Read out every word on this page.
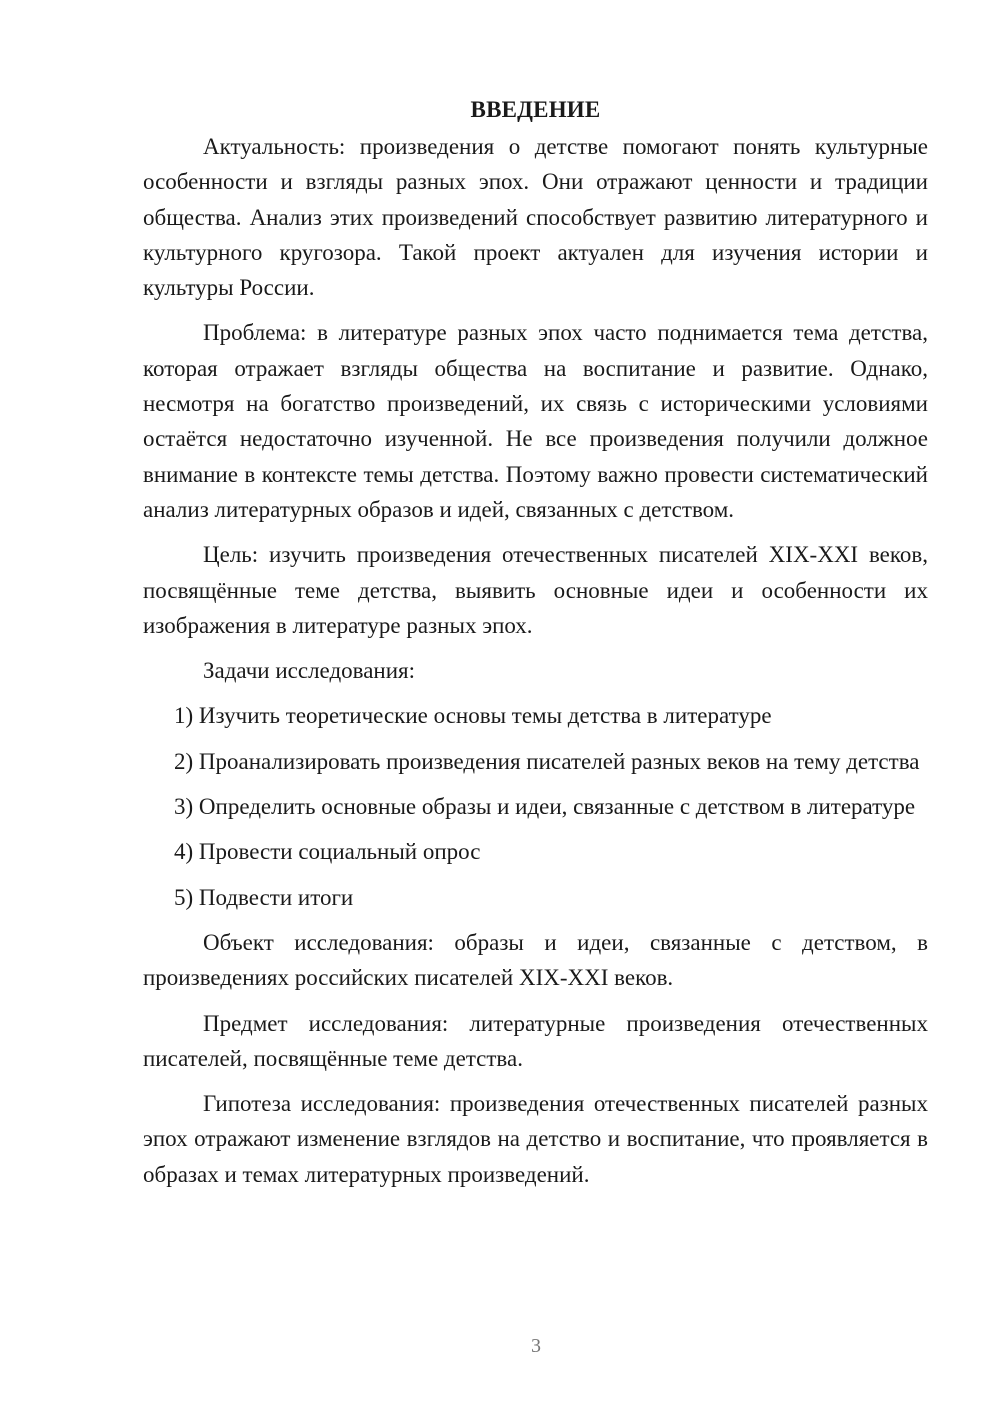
ВВЕДЕНИЕ

Актуальность: произведения о детстве помогают понять культурные особенности и взгляды разных эпох. Они отражают ценности и традиции общества. Анализ этих произведений способствует развитию литературного и культурного кругозора. Такой проект актуален для изучения истории и культуры России.

Проблема: в литературе разных эпох часто поднимается тема детства, которая отражает взгляды общества на воспитание и развитие. Однако, несмотря на богатство произведений, их связь с историческими условиями остаётся недостаточно изученной. Не все произведения получили должное внимание в контексте темы детства. Поэтому важно провести систематический анализ литературных образов и идей, связанных с детством.

Цель: изучить произведения отечественных писателей XIX-XXI веков, посвящённые теме детства, выявить основные идеи и особенности их изображения в литературе разных эпох.

Задачи исследования:

1) Изучить теоретические основы темы детства в литературе

2) Проанализировать произведения писателей разных веков на тему детства

3) Определить основные образы и идеи, связанные с детством в литературе

4) Провести социальный опрос

5) Подвести итоги

Объект исследования: образы и идеи, связанные с детством, в произведениях российских писателей XIX-XXI веков.

Предмет исследования: литературные произведения отечественных писателей, посвящённые теме детства.

Гипотеза исследования: произведения отечественных писателей разных эпох отражают изменение взглядов на детство и воспитание, что проявляется в образах и темах литературных произведений.

3
